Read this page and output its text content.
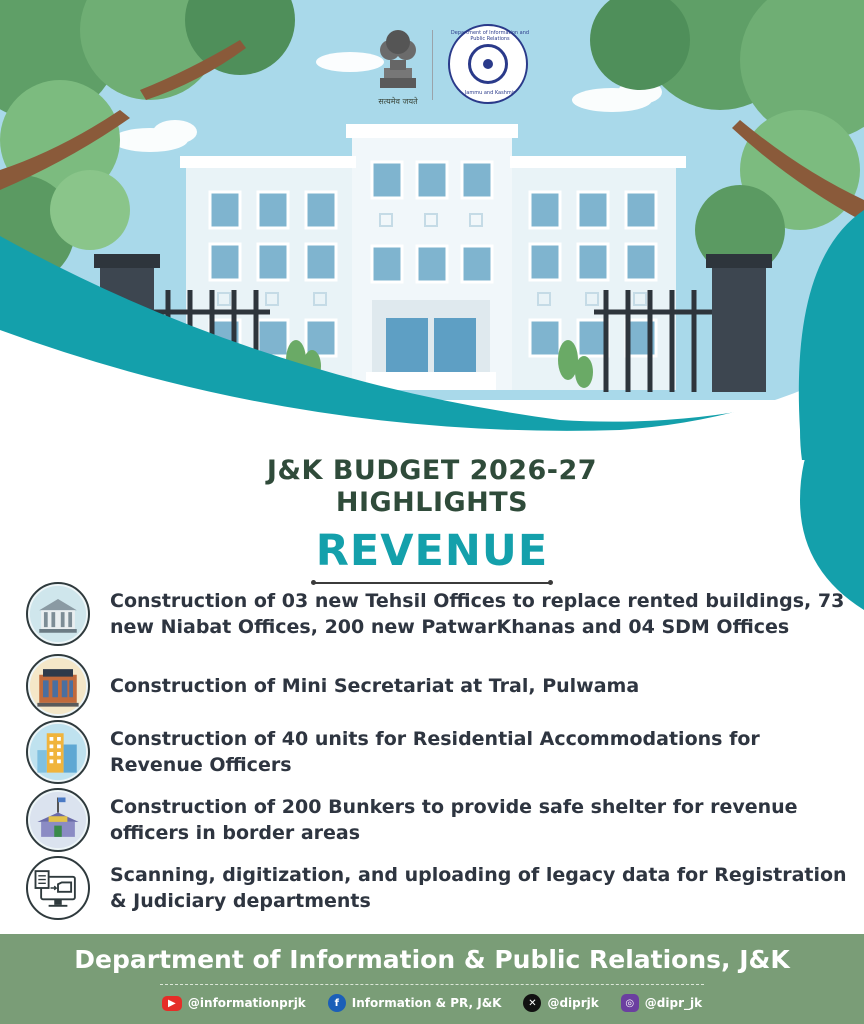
सत्यमेव जयते
Department of Information and Public Relations
Jammu and Kashmir
J&K BUDGET 2026-27
HIGHLIGHTS
REVENUE
Construction of 03 new Tehsil Offices to replace rented buildings, 73 new Niabat Offices, 200 new PatwarKhanas and 04 SDM Offices
Construction of Mini Secretariat at Tral, Pulwama
Construction of 40 units for Residential Accommodations for Revenue Officers
Construction of 200 Bunkers to provide safe shelter for revenue officers in border areas
Scanning, digitization, and uploading of legacy data for Registration & Judiciary departments
Department of Information & Public Relations, J&K
▶	@informationprjk	f	Information & PR, J&K	✕ @diprjk	◎ @dipr_jk
